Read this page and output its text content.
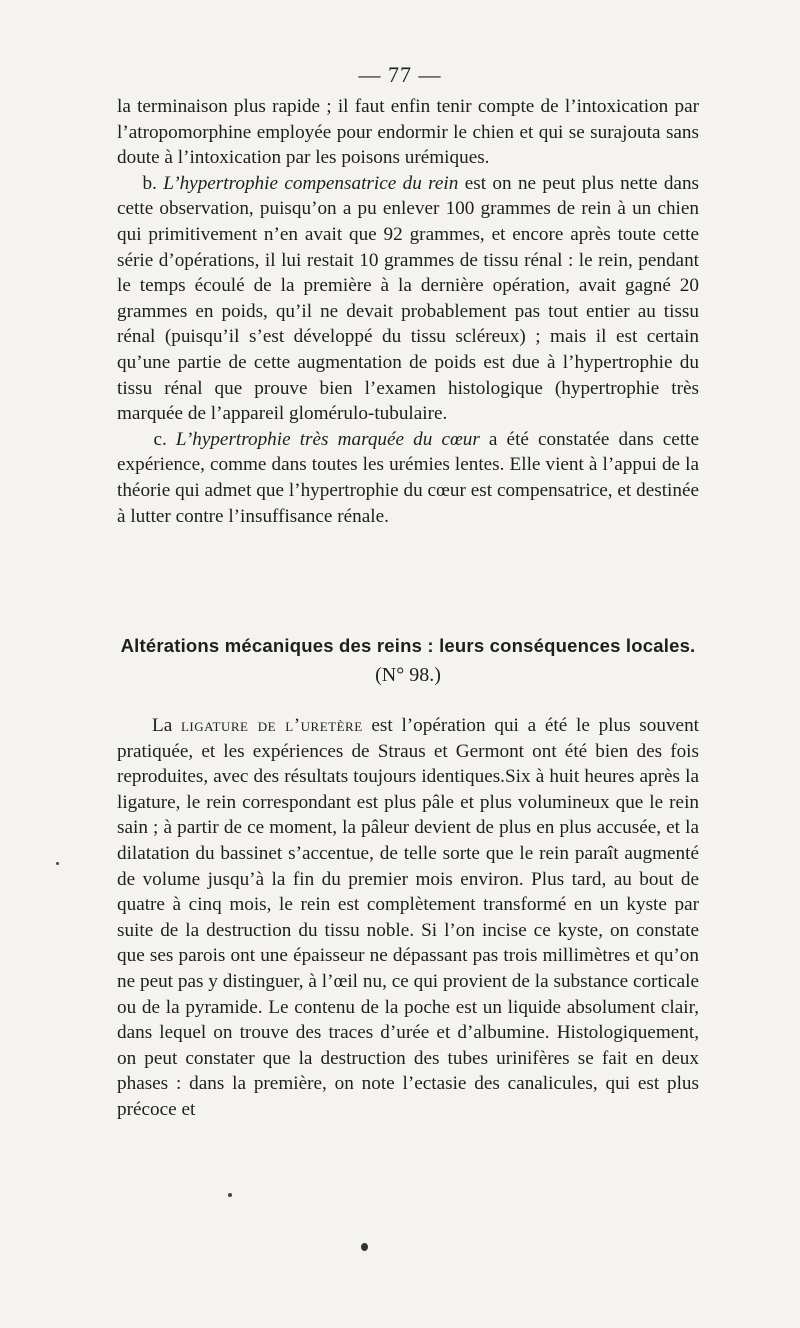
— 77 —

la terminaison plus rapide ; il faut enfin tenir compte de l’intoxication par l’atropomorphine employée pour endormir le chien et qui se surajouta sans doute à l’intoxication par les poisons urémiques.

b. L’hypertrophie compensatrice du rein est on ne peut plus nette dans cette observation, puisqu’on a pu enlever 100 grammes de rein à un chien qui primitivement n’en avait que 92 grammes, et encore après toute cette série d’opérations, il lui restait 10 grammes de tissu rénal : le rein, pendant le temps écoulé de la première à la dernière opération, avait gagné 20 grammes en poids, qu’il ne devait probablement pas tout entier au tissu rénal (puisqu’il s’est développé du tissu scléreux) ; mais il est certain qu’une partie de cette augmentation de poids est due à l’hypertrophie du tissu rénal que prouve bien l’examen histologique (hypertrophie très marquée de l’appareil glomérulo-tubulaire.

c. L’hypertrophie très marquée du cœur a été constatée dans cette expérience, comme dans toutes les urémies lentes. Elle vient à l’appui de la théorie qui admet que l’hypertrophie du cœur est compensatrice, et destinée à lutter contre l’insuffisance rénale.

Altérations mécaniques des reins : leurs conséquences locales.
(N° 98.)

La ligature de l’uretère est l’opération qui a été le plus souvent pratiquée, et les expériences de Straus et Germont ont été bien des fois reproduites, avec des résultats toujours identiques.Six à huit heures après la ligature, le rein correspondant est plus pâle et plus volumineux que le rein sain ; à partir de ce moment, la pâleur devient de plus en plus accusée, et la dilatation du bassinet s’accentue, de telle sorte que le rein paraît augmenté de volume jusqu’à la fin du premier mois environ. Plus tard, au bout de quatre à cinq mois, le rein est complètement transformé en un kyste par suite de la destruction du tissu noble. Si l’on incise ce kyste, on constate que ses parois ont une épaisseur ne dépassant pas trois millimètres et qu’on ne peut pas y distinguer, à l’œil nu, ce qui provient de la substance corticale ou de la pyramide. Le contenu de la poche est un liquide absolument clair, dans lequel on trouve des traces d’urée et d’albumine. Histologiquement, on peut constater que la destruction des tubes urinifères se fait en deux phases : dans la première, on note l’ectasie des canalicules, qui est plus précoce et
